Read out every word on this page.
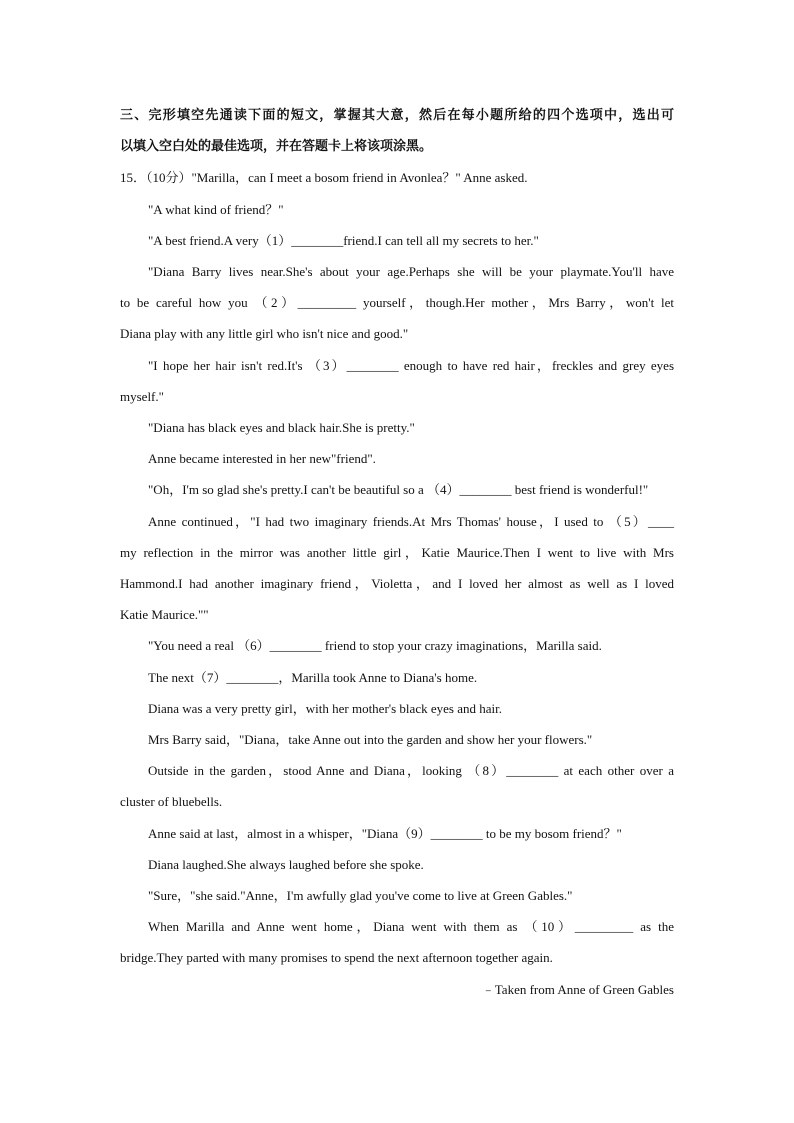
三、完形填空先通读下面的短文，掌握其大意，然后在每小题所给的四个选项中，选出可
以填入空白处的最佳选项，并在答题卡上将该项涂黑。
15．（10分）"Marilla，can I meet a bosom friend in Avonlea？" Anne asked.
"A what kind of friend？"
"A best friend.A very（1）________friend.I can tell all my secrets to her."
"Diana Barry lives near.She's about your age.Perhaps she will be your playmate.You'll have
to be careful how you （2）_________ yourself，though.Her mother，Mrs Barry，won't let
Diana play with any little girl who isn't nice and good."
"I hope her hair isn't red.It's （3）________ enough to have red hair，freckles and grey eyes
myself."
"Diana has black eyes and black hair.She is pretty."
Anne became interested in her new"friend".
"Oh，I'm so glad she's pretty.I can't be beautiful so a （4）________ best friend is wonderful!"
Anne continued，"I had two imaginary friends.At Mrs Thomas' house，I used to （5）____
my reflection in the mirror was another little girl，Katie Maurice.Then I went to live with Mrs
Hammond.I had another imaginary friend，Violetta，and I loved her almost as well as I loved
Katie Maurice.""
"You need a real （6）________ friend to stop your crazy imaginations，Marilla said.
The next（7）________，Marilla took Anne to Diana's home.
Diana was a very pretty girl，with her mother's black eyes and hair.
Mrs Barry said，"Diana，take Anne out into the garden and show her your flowers."
Outside in the garden，stood Anne and Diana，looking （8）________ at each other over a
cluster of bluebells.
Anne said at last，almost in a whisper，"Diana（9）________ to be my bosom friend？"
Diana laughed.She always laughed before she spoke.
"Sure，"she said."Anne，I'm awfully glad you've come to live at Green Gables."
When Marilla and Anne went home，Diana went with them as （10）_________ as the
bridge.They parted with many promises to spend the next afternoon together again.
﹣Taken from Anne of Green Gables
